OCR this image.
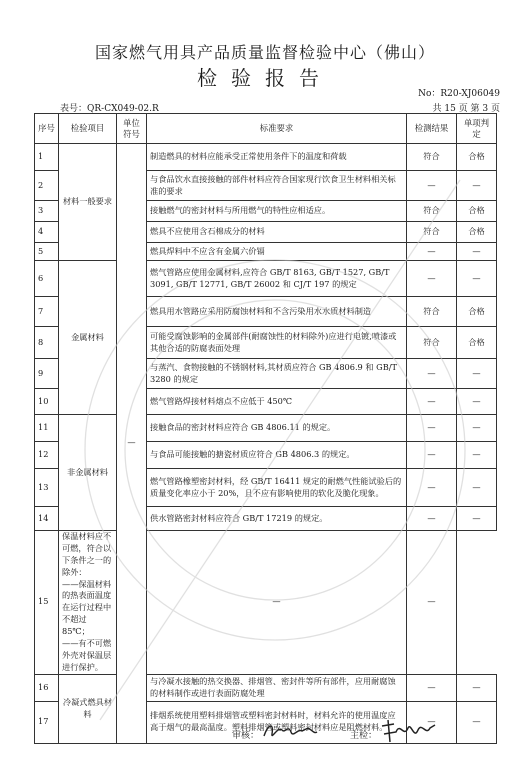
国家燃气用具产品质量监督检验中心（佛山）
检验报告
No：R20-XJ06049
表号：QR-CX049-02.R	共 15 页 第 3 页
序号	检验项目	单位符号	标准要求	检测结果	单项判定
1	材料一般要求	—	制造燃具的材料应能承受正常使用条件下的温度和荷载	符合	合格
2			与食品饮水直接接触的部件材料应符合国家现行饮食卫生材料相关标准的要求	—	—
3			接触燃气的密封材料与所用燃气的特性应相适应。	符合	合格
4			燃具不应使用含石棉成分的材料	符合	合格
5			燃具焊料中不应含有金属六价镉	—	—
6	金属材料		燃气管路应使用金属材料,应符合 GB/T 8163, GB/T 1527, GB/T 3091, GB/T 12771, GB/T 26002 和 CJ/T 197 的规定	—	—
7			燃具用水管路应采用防腐蚀材料和不含污染用水水质材料制造	符合	合格
8			可能受腐蚀影响的金属部件(耐腐蚀性的材料除外)应进行电镀,喷漆或其他合适的防腐表面处理	符合	合格
9			与蒸汽、食物接触的不锈钢材料,其材质应符合 GB 4806.9 和 GB/T 3280 的规定	—	—
10			燃气管路焊接材料熔点不应低于 450℃	—	—
11	非金属材料		接触食品的密封材料应符合 GB 4806.11 的规定。	—	—
12			与食品可能接触的搪瓷材质应符合 GB 4806.3 的规定。	—	—
13			燃气管路橡塑密封材料，经 GB/T 16411 规定的耐燃气性能试验后的质量变化率应小于 20%，且不应有影响使用的软化及脆化现象。	—	—
14			供水管路密封材料应符合 GB/T 17219 的规定。	—	—
15	保温材料应不可燃，符合以下条件之一的除外：
——保温材料的热表面温度在运行过程中不超过 85℃；
——有不可燃外壳对保温层进行保护。		—	—	
16	冷凝式燃具材料		与冷凝水接触的热交换器、排烟管、密封件等所有部件，应用耐腐蚀的材料制作或进行表面防腐处理	—	—
17			排烟系统使用塑料排烟管或塑料密封材料时，材料允许的使用温度应高于烟气的最高温度。塑料排烟管或塑料密封材料应是阻燃材料。	—	—
审核：	主检：
